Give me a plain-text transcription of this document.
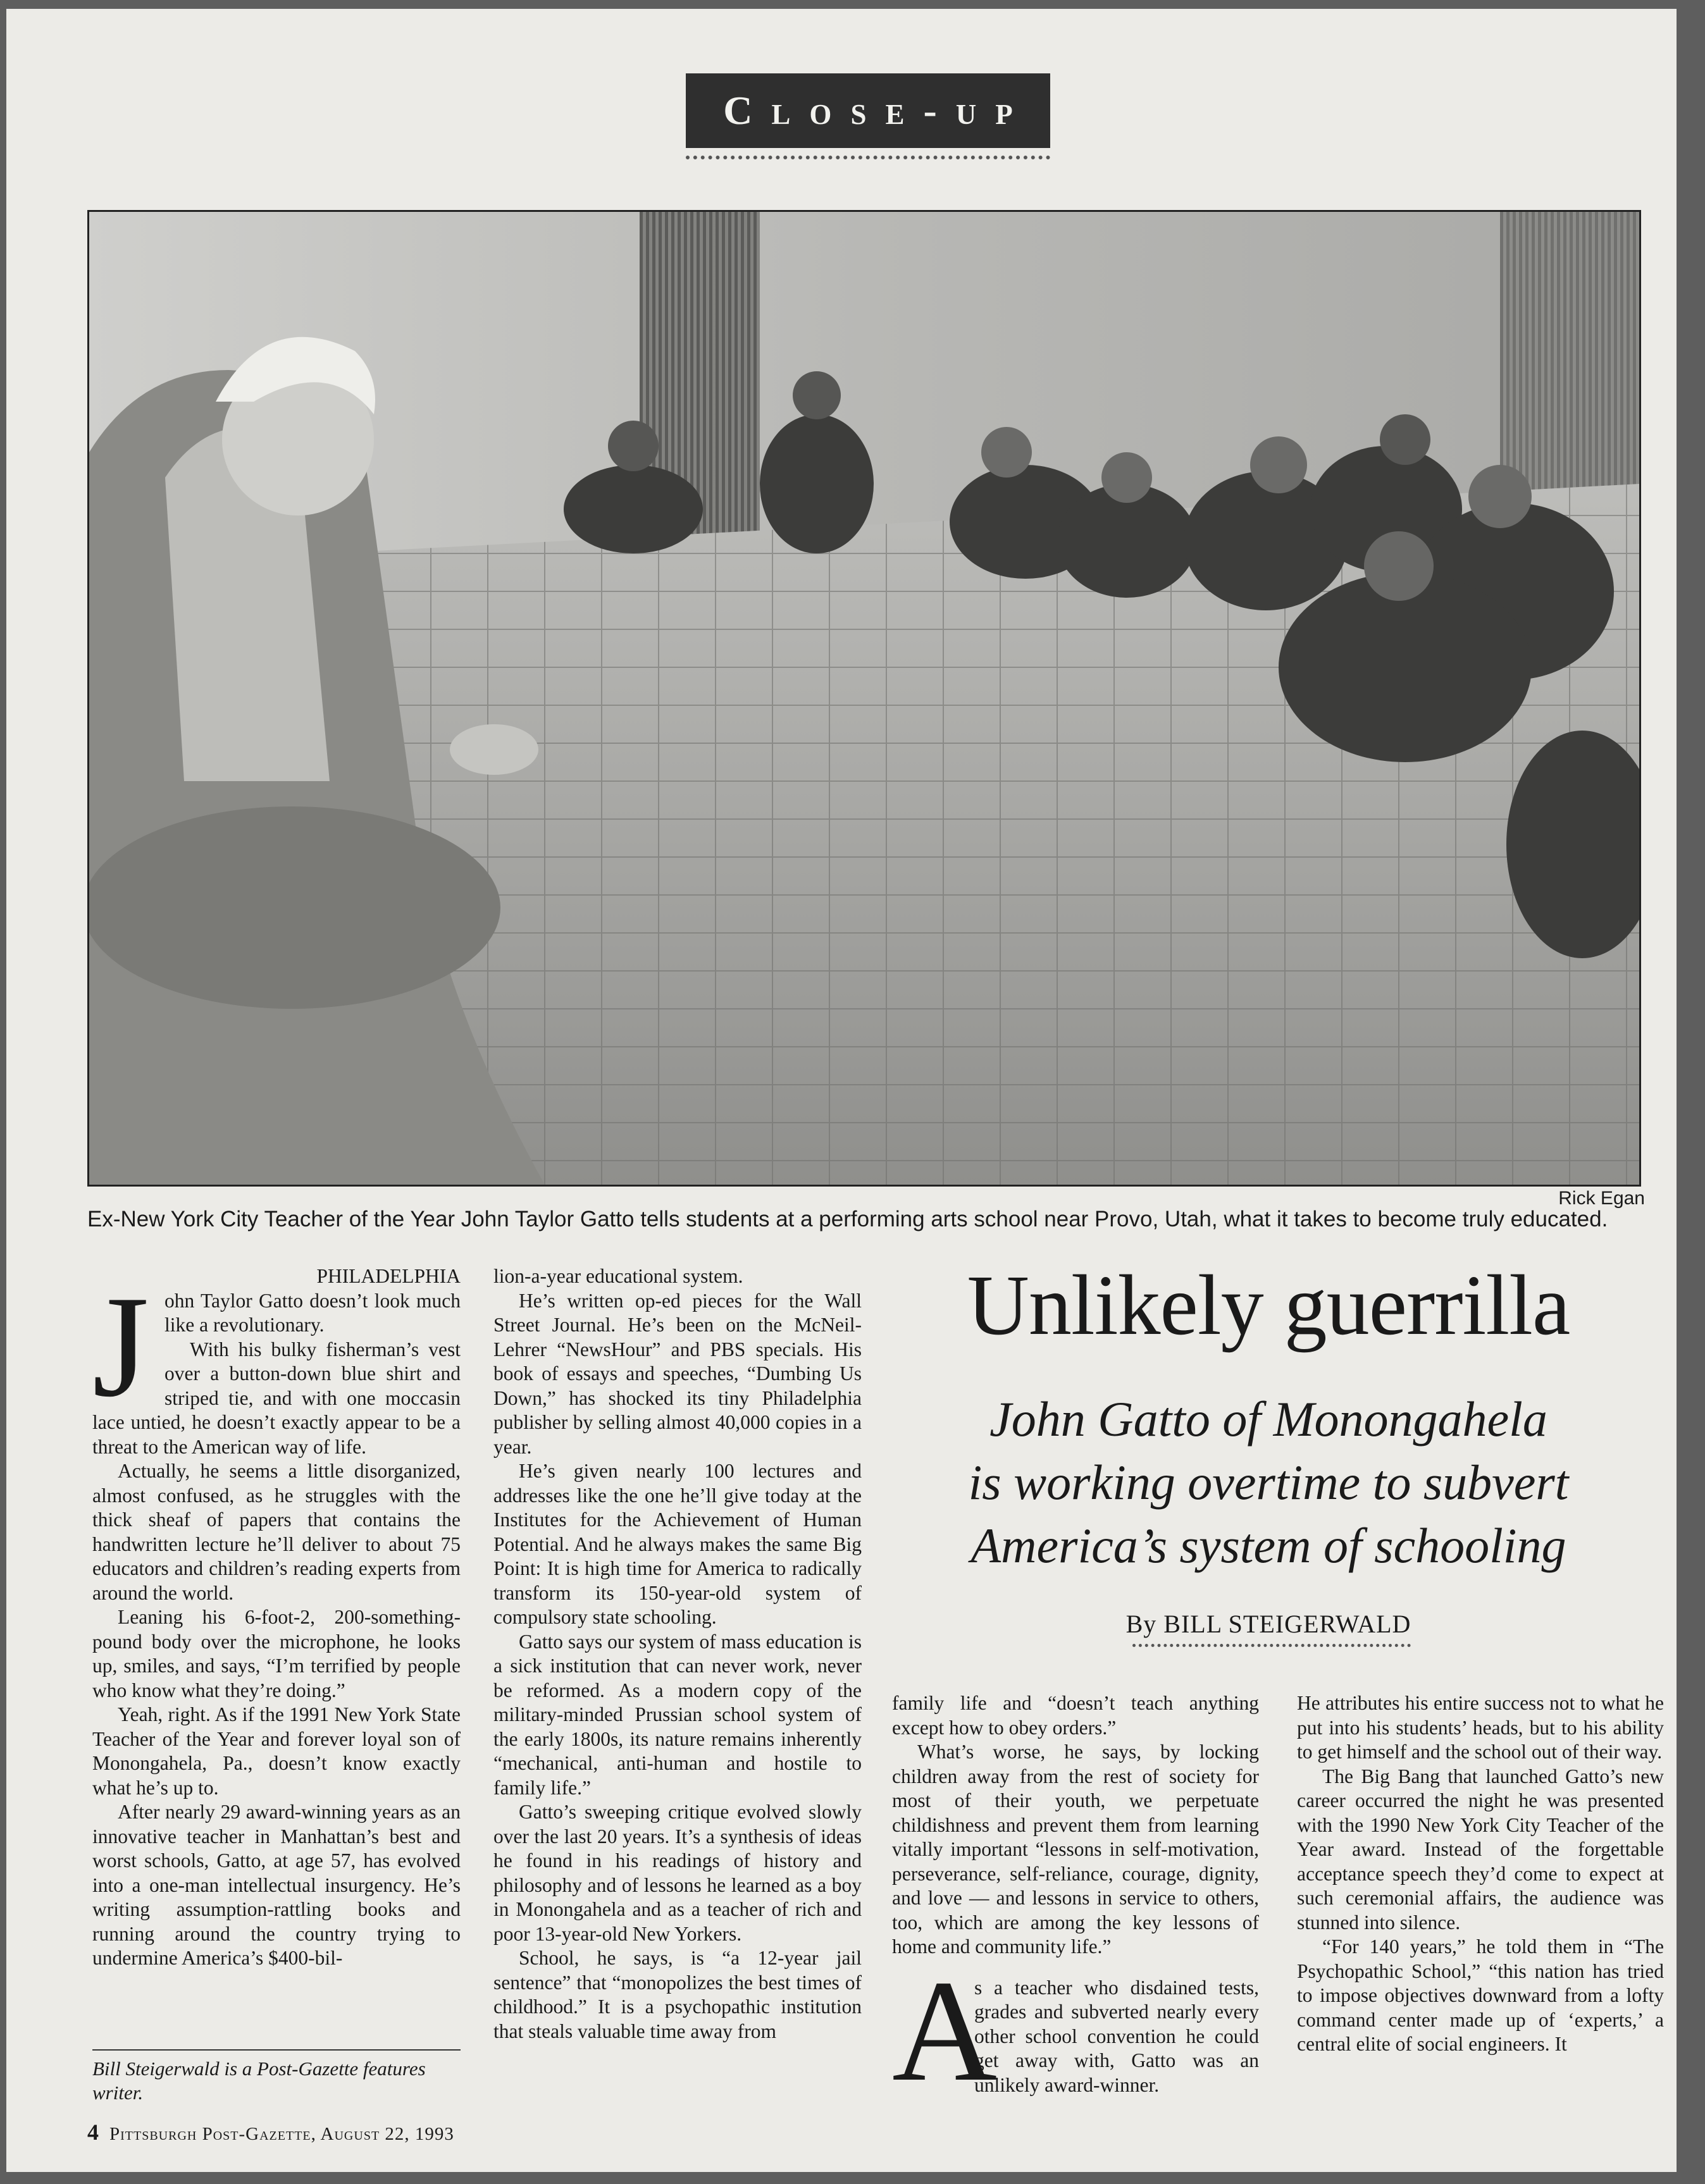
Close-up
Rick Egan
Ex-New York City Teacher of the Year John Taylor Gatto tells students at a performing arts school near Provo, Utah, what it takes to become truly educated.

PHILADELPHIA

J ohn Taylor Gatto doesn’t look much like a revolutionary.

With his bulky fisherman’s vest over a button-down blue shirt and striped tie, and with one moccasin lace untied, he doesn’t exactly appear to be a threat to the American way of life.

Actually, he seems a little disorganized, almost confused, as he struggles with the thick sheaf of papers that contains the handwritten lecture he’ll deliver to about 75 educators and children’s reading experts from around the world.

Leaning his 6-foot-2, 200-something-pound body over the microphone, he looks up, smiles, and says, “I’m terrified by people who know what they’re doing.”

Yeah, right. As if the 1991 New York State Teacher of the Year and forever loyal son of Monongahela, Pa., doesn’t know exactly what he’s up to.

After nearly 29 award-winning years as an innovative teacher in Manhattan’s best and worst schools, Gatto, at age 57, has evolved into a one-man intellectual insurgency. He’s writing assumption-rattling books and running around the country trying to undermine America’s $400-bil-

lion-a-year educational system.

He’s written op-ed pieces for the Wall Street Journal. He’s been on the McNeil-Lehrer “NewsHour” and PBS specials. His book of essays and speeches, “Dumbing Us Down,” has shocked its tiny Philadelphia publisher by selling almost 40,000 copies in a year.

He’s given nearly 100 lectures and addresses like the one he’ll give today at the Institutes for the Achievement of Human Potential. And he always makes the same Big Point: It is high time for America to radically transform its 150-year-old system of compulsory state schooling.

Gatto says our system of mass education is a sick institution that can never work, never be reformed. As a modern copy of the military-minded Prussian school system of the early 1800s, its nature remains inherently “mechanical, anti-human and hostile to family life.”

Gatto’s sweeping critique evolved slowly over the last 20 years. It’s a synthesis of ideas he found in his readings of history and philosophy and of lessons he learned as a boy in Monongahela and as a teacher of rich and poor 13-year-old New Yorkers.

School, he says, is “a 12-year jail sentence” that “monopolizes the best times of childhood.” It is a psychopathic institution that steals valuable time away from

Unlikely guerrilla
John Gatto of Monongahela
is working overtime to subvert
America’s system of schooling
By BILL STEIGERWALD

family life and “doesn’t teach anything except how to obey orders.”

What’s worse, he says, by locking children away from the rest of society for most of their youth, we perpetuate childishness and prevent them from learning vitally important “lessons in self-motivation, perseverance, self-reliance, courage, dignity, and love — and lessons in service to others, too, which are among the key lessons of home and community life.”

A

s a teacher who disdained tests, grades and subverted nearly every other school convention he could get away with, Gatto was an unlikely award-winner.

He attributes his entire success not to what he put into his students’ heads, but to his ability to get himself and the school out of their way.

The Big Bang that launched Gatto’s new career occurred the night he was presented with the 1990 New York City Teacher of the Year award. Instead of the forgettable acceptance speech they’d come to expect at such ceremonial affairs, the audience was stunned into silence.

“For 140 years,” he told them in “The Psychopathic School,” “this nation has tried to impose objectives downward from a lofty command center made up of ‘experts,’ a central elite of social engineers. It

Bill Steigerwald is a Post-Gazette features writer.
4 Pittsburgh Post-Gazette, August 22, 1993
